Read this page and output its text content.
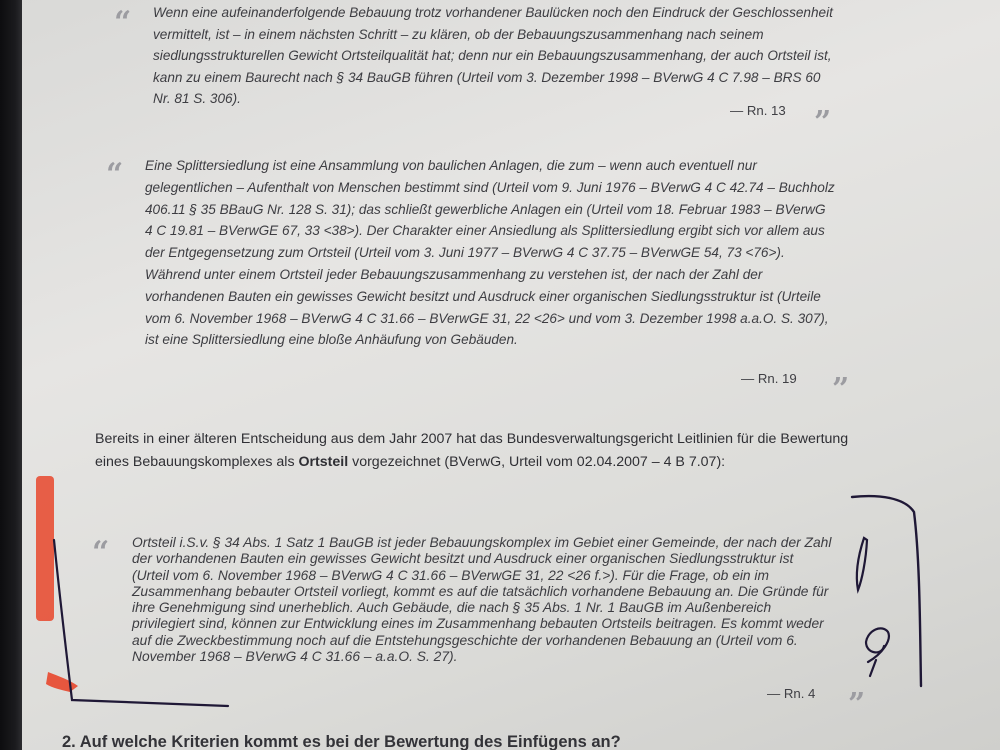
“ Wenn eine aufeinanderfolgende Bebauung trotz vorhandener Baulücken noch den Eindruck der Geschlossenheit vermittelt, ist – in einem nächsten Schritt – zu klären, ob der Bebauungszusammenhang nach seinem siedlungsstrukturellen Gewicht Ortsteilqualität hat; denn nur ein Bebauungszusammenhang, der auch Ortsteil ist, kann zu einem Baurecht nach § 34 BauGB führen (Urteil vom 3. Dezember 1998 – BVerwG 4 C 7.98 – BRS 60 Nr. 81 S. 306).
— Rn. 13 ”
“ Eine Splittersiedlung ist eine Ansammlung von baulichen Anlagen, die zum – wenn auch eventuell nur gelegentlichen – Aufenthalt von Menschen bestimmt sind (Urteil vom 9. Juni 1976 – BVerwG 4 C 42.74 – Buchholz 406.11 § 35 BBauG Nr. 128 S. 31); das schließt gewerbliche Anlagen ein (Urteil vom 18. Februar 1983 – BVerwG 4 C 19.81 – BVerwGE 67, 33 <38>). Der Charakter einer Ansiedlung als Splittersiedlung ergibt sich vor allem aus der Entgegensetzung zum Ortsteil (Urteil vom 3. Juni 1977 – BVerwG 4 C 37.75 – BVerwGE 54, 73 <76>). Während unter einem Ortsteil jeder Bebauungszusammenhang zu verstehen ist, der nach der Zahl der vorhandenen Bauten ein gewisses Gewicht besitzt und Ausdruck einer organischen Siedlungsstruktur ist (Urteile vom 6. November 1968 – BVerwG 4 C 31.66 – BVerwGE 31, 22 <26> und vom 3. Dezember 1998 a.a.O. S. 307), ist eine Splittersiedlung eine bloße Anhäufung von Gebäuden.
— Rn. 19 ”
Bereits in einer älteren Entscheidung aus dem Jahr 2007 hat das Bundesverwaltungsgericht Leitlinien für die Bewertung eines Bebauungskomplexes als Ortsteil vorgezeichnet (BVerwG, Urteil vom 02.04.2007 – 4 B 7.07):
“ Ortsteil i.S.v. § 34 Abs. 1 Satz 1 BauGB ist jeder Bebauungskomplex im Gebiet einer Gemeinde, der nach der Zahl der vorhandenen Bauten ein gewisses Gewicht besitzt und Ausdruck einer organischen Siedlungsstruktur ist (Urteil vom 6. November 1968 – BVerwG 4 C 31.66 – BVerwGE 31, 22 <26 f.>). Für die Frage, ob ein im Zusammenhang bebauter Ortsteil vorliegt, kommt es auf die tatsächlich vorhandene Bebauung an. Die Gründe für ihre Genehmigung sind unerheblich. Auch Gebäude, die nach § 35 Abs. 1 Nr. 1 BauGB im Außenbereich privilegiert sind, können zur Entwicklung eines im Zusammenhang bebauten Ortsteils beitragen. Es kommt weder auf die Zweckbestimmung noch auf die Entstehungsgeschichte der vorhandenen Bebauung an (Urteil vom 6. November 1968 – BVerwG 4 C 31.66 – a.a.O. S. 27).
— Rn. 4 ”
2. Auf welche Kriterien kommt es bei der Bewertung des Einfügens an?
